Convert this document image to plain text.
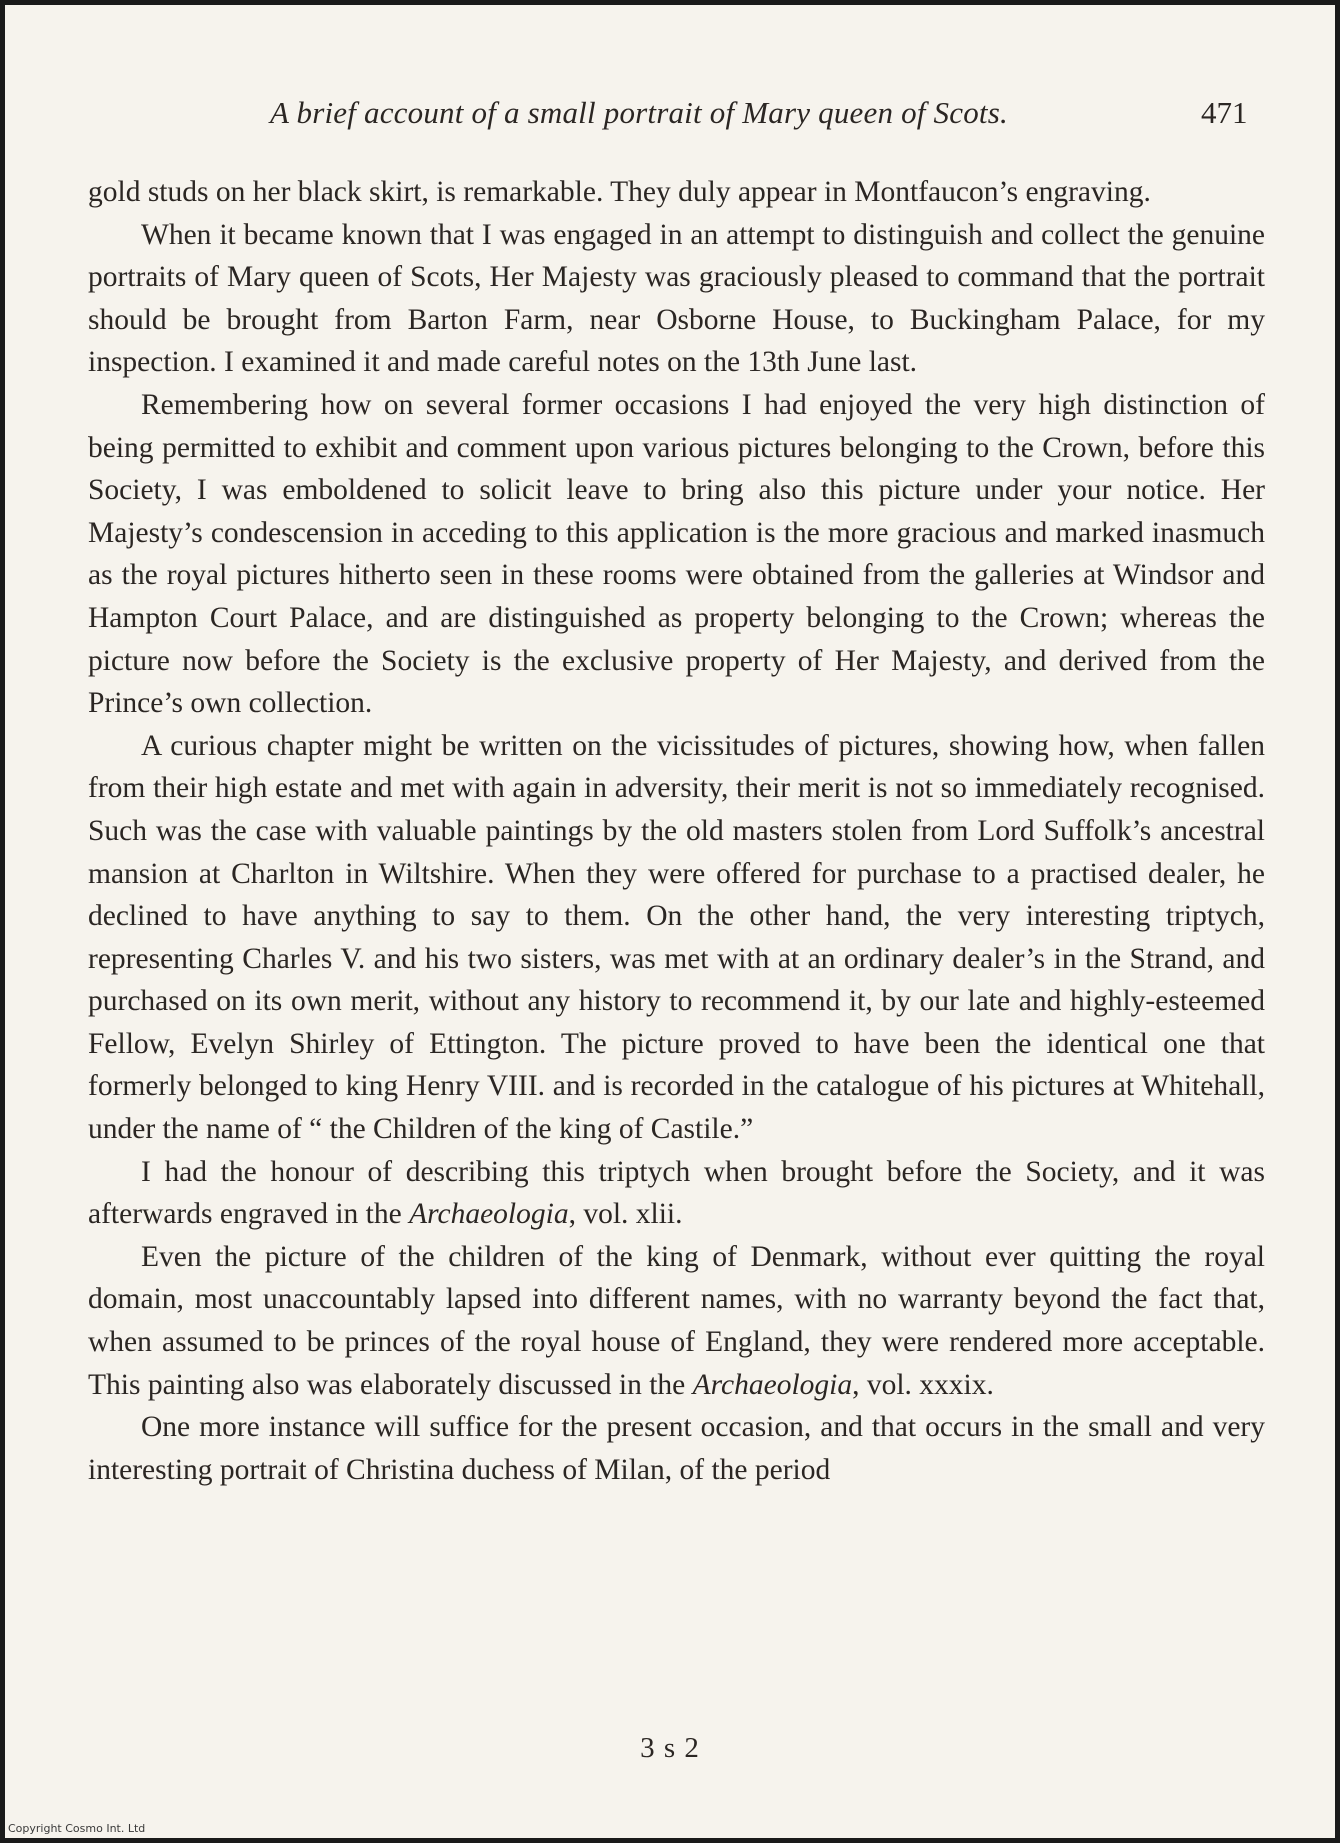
A brief account of a small portrait of Mary queen of Scots.	471

gold studs on her black skirt, is remarkable. They duly appear in Montfaucon’s engraving.

When it became known that I was engaged in an attempt to distinguish and collect the genuine portraits of Mary queen of Scots, Her Majesty was graciously pleased to command that the portrait should be brought from Barton Farm, near Osborne House, to Buckingham Palace, for my inspection. I examined it and made careful notes on the 13th June last.

Remembering how on several former occasions I had enjoyed the very high distinction of being permitted to exhibit and comment upon various pictures belonging to the Crown, before this Society, I was emboldened to solicit leave to bring also this picture under your notice. Her Majesty’s condescension in acceding to this application is the more gracious and marked inasmuch as the royal pictures hitherto seen in these rooms were obtained from the galleries at Windsor and Hampton Court Palace, and are distinguished as property belonging to the Crown; whereas the picture now before the Society is the exclusive property of Her Majesty, and derived from the Prince’s own collection.

A curious chapter might be written on the vicissitudes of pictures, showing how, when fallen from their high estate and met with again in adversity, their merit is not so immediately recognised. Such was the case with valuable paintings by the old masters stolen from Lord Suffolk’s ancestral mansion at Charlton in Wiltshire. When they were offered for purchase to a practised dealer, he declined to have anything to say to them. On the other hand, the very interesting triptych, representing Charles V. and his two sisters, was met with at an ordinary dealer’s in the Strand, and purchased on its own merit, without any history to recommend it, by our late and highly-esteemed Fellow, Evelyn Shirley of Ettington. The picture proved to have been the identical one that formerly belonged to king Henry VIII. and is recorded in the catalogue of his pictures at Whitehall, under the name of “ the Children of the king of Castile.”

I had the honour of describing this triptych when brought before the Society, and it was afterwards engraved in the Archaeologia, vol. xlii.

Even the picture of the children of the king of Denmark, without ever quitting the royal domain, most unaccountably lapsed into different names, with no warranty beyond the fact that, when assumed to be princes of the royal house of England, they were rendered more acceptable. This painting also was elaborately discussed in the Archaeologia, vol. xxxix.

One more instance will suffice for the present occasion, and that occurs in the small and very interesting portrait of Christina duchess of Milan, of the period

3 s 2
Copyright Cosmo Int. Ltd
